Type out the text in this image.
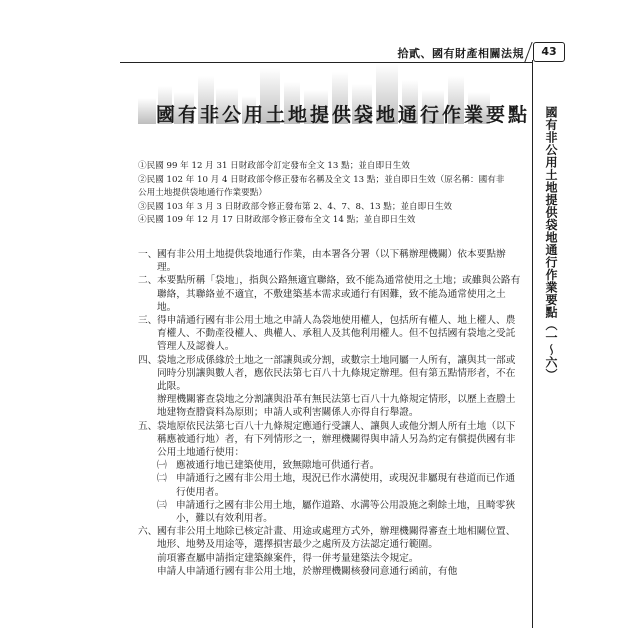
拾貳、國有財產相關法規	43
國有非公用土地提供袋地通行作業要點（一～六）
國有非公用土地提供袋地通行作業要點
①民國 99 年 12 月 31 日財政部令訂定發布全文 13 點；並自即日生效
②民國 102 年 10 月 4 日財政部令修正發布名稱及全文 13 點；並自即日生效（原名稱：國有非公用土地提供袋地通行作業要點）
③民國 103 年 3 月 3 日財政部令修正發布第 2、4、7、8、13 點；並自即日生效
④民國 109 年 12 月 17 日財政部令修正發布全文 14 點；並自即日生效
一、 國有非公用土地提供袋地通行作業，由本署各分署（以下稱辦理機關）依本要點辦理。
二、 本要點所稱「袋地」，指與公路無適宜聯絡，致不能為通常使用之土地；或雖與公路有聯絡，其聯絡並不適宜，不敷建築基本需求或通行有困難，致不能為通常使用之土地。
三、 得申請通行國有非公用土地之申請人為袋地使用權人，包括所有權人、地上權人、農育權人、不動產役權人、典權人、承租人及其他利用權人。但不包括國有袋地之受託管理人及認養人。
四、 袋地之形成係緣於土地之一部讓與或分割，或數宗土地同屬一人所有，讓與其一部或同時分別讓與數人者，應依民法第七百八十九條規定辦理。但有第五點情形者，不在此限。
辦理機關審查袋地之分割讓與沿革有無民法第七百八十九條規定情形，以歷上查謄土地建物查謄資料為原則；申請人或利害關係人亦得自行舉證。
五、 袋地原依民法第七百八十九條規定應通行受讓人、讓與人或他分割人所有土地（以下稱應被通行地）者，有下列情形之一，辦理機關得與申請人另為約定有償提供國有非公用土地通行使用：
㈠ 應被通行地已建築使用，致無隙地可供通行者。
㈡ 申請通行之國有非公用土地，現況已作水溝使用，或現況非屬現有巷道而已作通行使用者。
㈢ 申請通行之國有非公用土地，屬作道路、水溝等公用設施之剩餘土地，且畸零狹小，難以有效利用者。
六、 國有非公用土地除已核定計畫、用途或處理方式外，辦理機關得審查土地相關位置、地形、地勢及用途等，選擇損害最少之處所及方法認定通行範圍。
前項審查屬申請指定建築線案件，得一併考量建築法令規定。
申請人申請通行國有非公用土地，於辦理機關核發同意通行函前，有他
